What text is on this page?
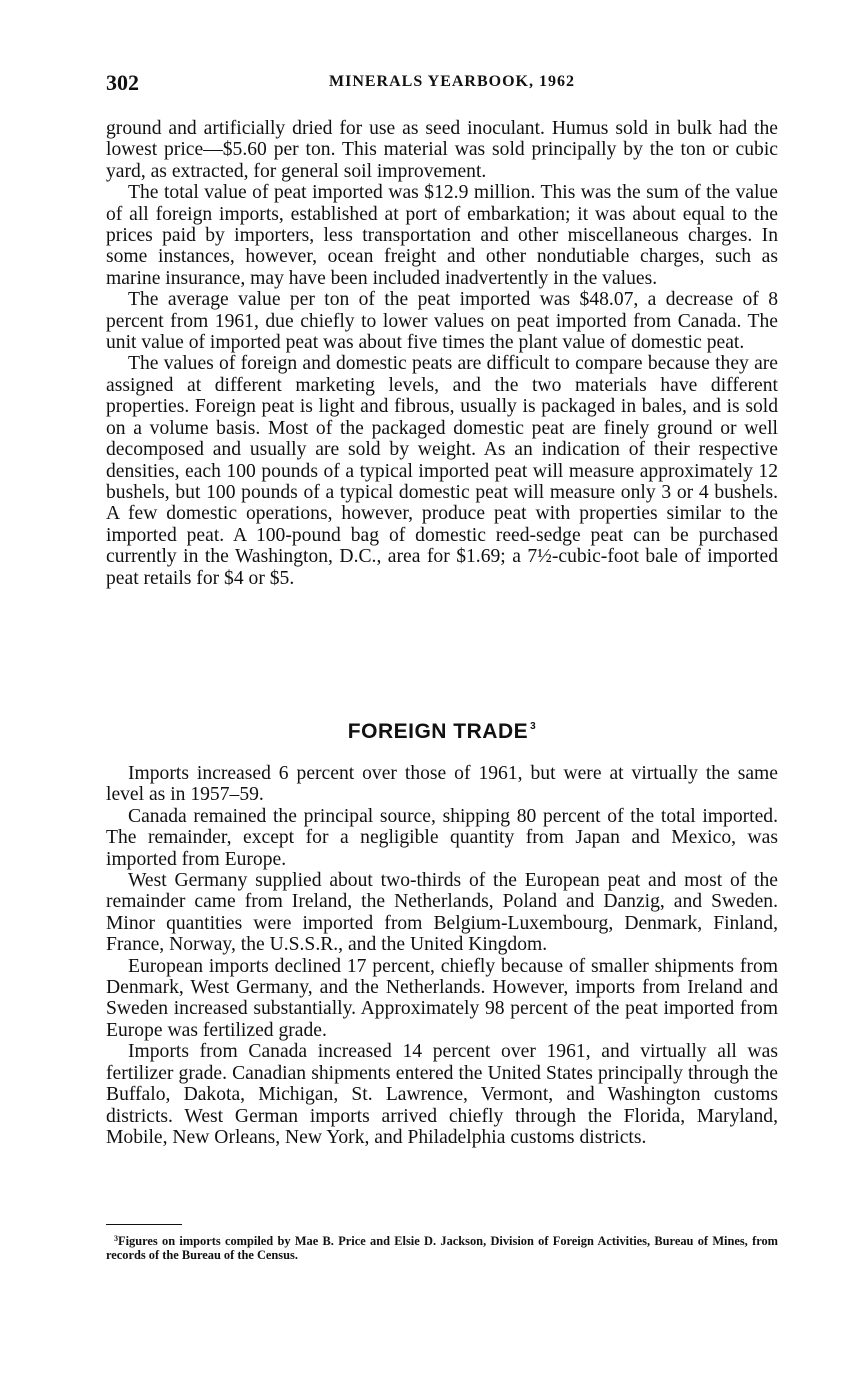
302	MINERALS YEARBOOK, 1962

ground and artificially dried for use as seed inoculant. Humus sold in bulk had the lowest price—$5.60 per ton. This material was sold principally by the ton or cubic yard, as extracted, for general soil improvement.

The total value of peat imported was $12.9 million. This was the sum of the value of all foreign imports, established at port of embarkation; it was about equal to the prices paid by importers, less transportation and other miscellaneous charges. In some instances, however, ocean freight and other nondutiable charges, such as marine insurance, may have been included inadvertently in the values.

The average value per ton of the peat imported was $48.07, a decrease of 8 percent from 1961, due chiefly to lower values on peat imported from Canada. The unit value of imported peat was about five times the plant value of domestic peat.

The values of foreign and domestic peats are difficult to compare because they are assigned at different marketing levels, and the two materials have different properties. Foreign peat is light and fibrous, usually is packaged in bales, and is sold on a volume basis. Most of the packaged domestic peat are finely ground or well decomposed and usually are sold by weight. As an indication of their respective densities, each 100 pounds of a typical imported peat will measure approximately 12 bushels, but 100 pounds of a typical domestic peat will measure only 3 or 4 bushels. A few domestic operations, however, produce peat with properties similar to the imported peat. A 100-pound bag of domestic reed-sedge peat can be purchased currently in the Washington, D.C., area for $1.69; a 7½-cubic-foot bale of imported peat retails for $4 or $5.

FOREIGN TRADE $^3$

Imports increased 6 percent over those of 1961, but were at virtually the same level as in 1957–59.

Canada remained the principal source, shipping 80 percent of the total imported. The remainder, except for a negligible quantity from Japan and Mexico, was imported from Europe.

West Germany supplied about two-thirds of the European peat and most of the remainder came from Ireland, the Netherlands, Poland and Danzig, and Sweden. Minor quantities were imported from Belgium-Luxembourg, Denmark, Finland, France, Norway, the U.S.S.R., and the United Kingdom.

European imports declined 17 percent, chiefly because of smaller shipments from Denmark, West Germany, and the Netherlands. However, imports from Ireland and Sweden increased substantially. Approximately 98 percent of the peat imported from Europe was fertilized grade.

Imports from Canada increased 14 percent over 1961, and virtually all was fertilizer grade. Canadian shipments entered the United States principally through the Buffalo, Dakota, Michigan, St. Lawrence, Vermont, and Washington customs districts. West German imports arrived chiefly through the Florida, Maryland, Mobile, New Orleans, New York, and Philadelphia customs districts.

$^3$Figures on imports compiled by Mae B. Price and Elsie D. Jackson, Division of Foreign Activities, Bureau of Mines, from records of the Bureau of the Census.
